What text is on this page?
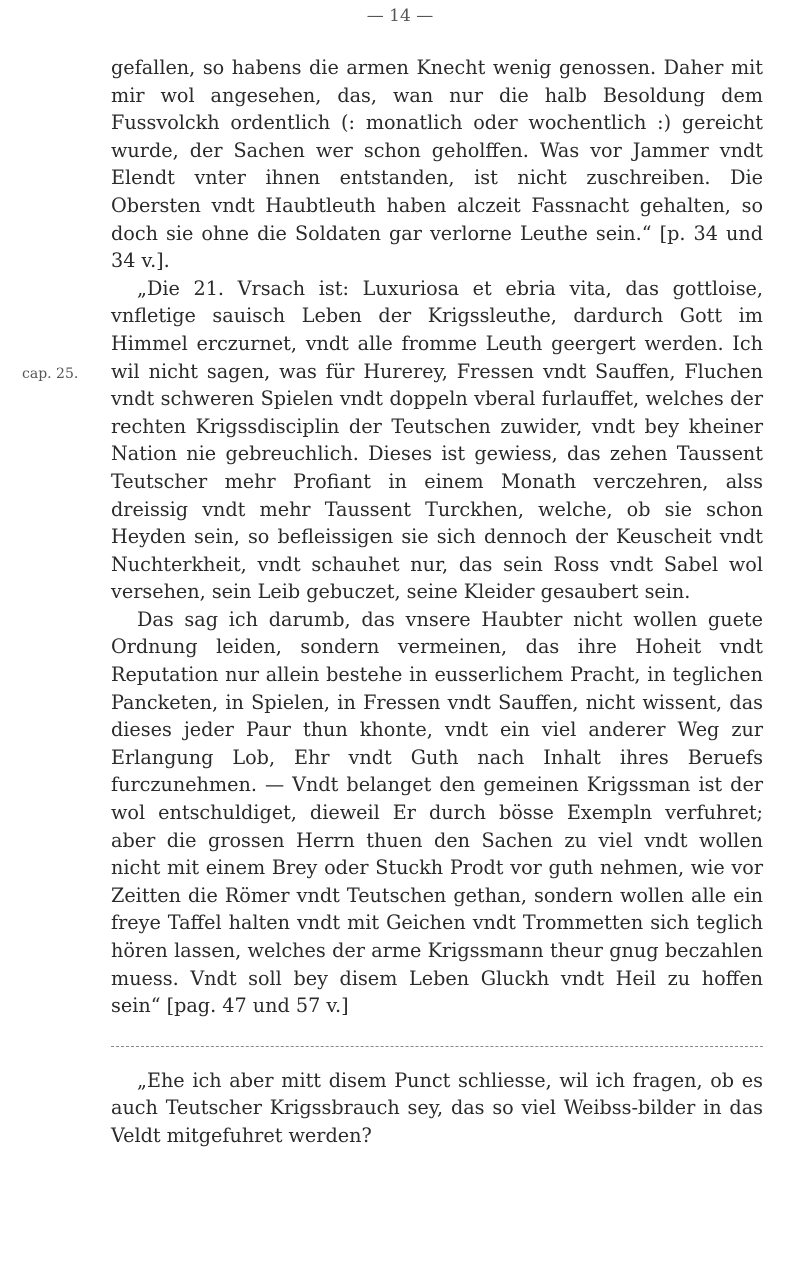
— 14 —
cap. 25.

gefallen, so habens die armen Knecht wenig genossen. Daher mit mir wol angesehen, das, wan nur die halb Besoldung dem Fussvolckh ordentlich (: monatlich oder wochentlich :) gereicht wurde, der Sachen wer schon geholffen. Was vor Jammer vndt Elendt vnter ihnen entstanden, ist nicht zuschreiben. Die Obersten vndt Haubtleuth haben alczeit Fassnacht gehalten, so doch sie ohne die Soldaten gar verlorne Leuthe sein.“ [p. 34 und 34 v.].

„Die 21. Vrsach ist: Luxuriosa et ebria vita, das gottloise, vnfletige sauisch Leben der Krigssleuthe, dardurch Gott im Himmel erczurnet, vndt alle fromme Leuth geergert werden. Ich wil nicht sagen, was für Hurerey, Fressen vndt Sauffen, Fluchen vndt schweren Spielen vndt doppeln vberal furlauffet, welches der rechten Krigssdisciplin der Teutschen zuwider, vndt bey kheiner Nation nie gebreuchlich. Dieses ist gewiess, das zehen Taussent Teutscher mehr Profiant in einem Monath verczehren, alss dreissig vndt mehr Taussent Turckhen, welche, ob sie schon Heyden sein, so befleissigen sie sich dennoch der Keuscheit vndt Nuchterkheit, vndt schauhet nur, das sein Ross vndt Sabel wol versehen, sein Leib gebuczet, seine Kleider gesaubert sein.

Das sag ich darumb, das vnsere Haubter nicht wollen guete Ordnung leiden, sondern vermeinen, das ihre Hoheit vndt Reputation nur allein bestehe in eusserlichem Pracht, in teglichen Pancketen, in Spielen, in Fressen vndt Sauffen, nicht wissent, das dieses jeder Paur thun khonte, vndt ein viel anderer Weg zur Erlangung Lob, Ehr vndt Guth nach Inhalt ihres Beruefs furczunehmen. — Vndt belanget den gemeinen Krigssman ist der wol entschuldiget, dieweil Er durch bösse Exempln verfuhret; aber die grossen Herrn thuen den Sachen zu viel vndt wollen nicht mit einem Brey oder Stuckh Prodt vor guth nehmen, wie vor Zeitten die Römer vndt Teutschen gethan, sondern wollen alle ein freye Taffel halten vndt mit Geichen vndt Trommetten sich teglich hören lassen, welches der arme Krigssmann theur gnug beczahlen muess. Vndt soll bey disem Leben Gluckh vndt Heil zu hoffen sein“ [pag. 47 und 57 v.]

„Ehe ich aber mitt disem Punct schliesse, wil ich fragen, ob es auch Teutscher Krigssbrauch sey, das so viel Weibss-bilder in das Veldt mitgefuhret werden?
